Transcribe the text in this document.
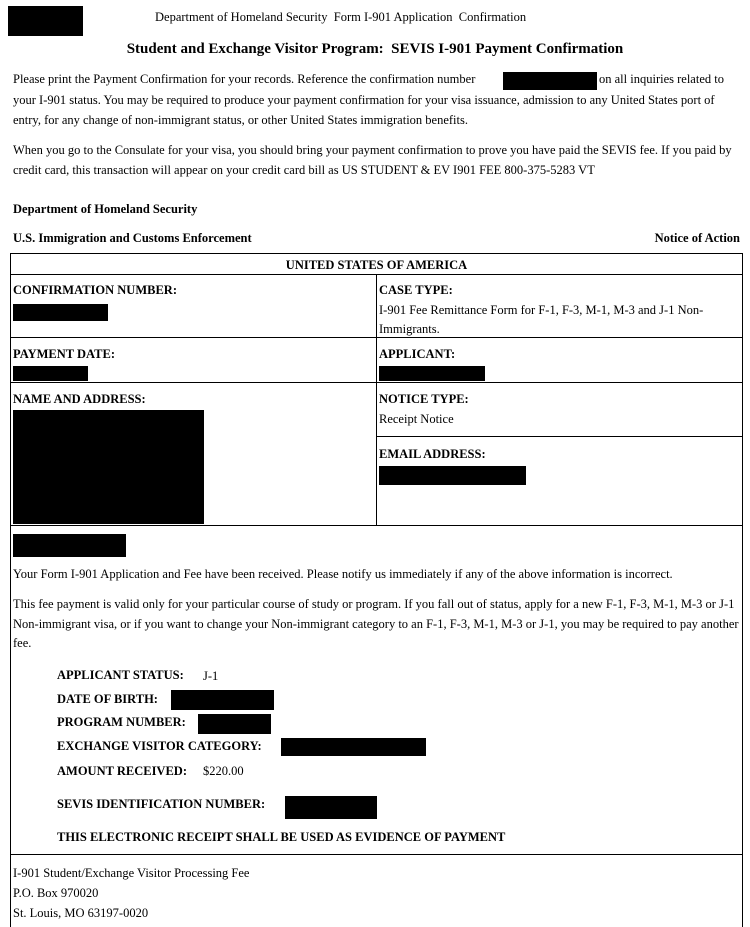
Department of Homeland Security  Form I-901 Application  Confirmation
Student and Exchange Visitor Program:  SEVIS I-901 Payment Confirmation
Please print the Payment Confirmation for your records. Reference the confirmation number	on all inquiries related to
your I-901 status. You may be required to produce your payment confirmation for your visa issuance, admission to any United States port of entry, for any change of non-immigrant status, or other United States immigration benefits.
When you go to the Consulate for your visa, you should bring your payment confirmation to prove you have paid the SEVIS fee. If you paid by credit card, this transaction will appear on your credit card bill as US STUDENT & EV I901 FEE 800-375-5283 VT
Department of Homeland Security
U.S. Immigration and Customs Enforcement	Notice of Action
UNITED STATES OF AMERICA
CONFIRMATION NUMBER:	CASE TYPE:
I-901 Fee Remittance Form for F-1, F-3, M-1, M-3 and J-1 Non-Immigrants.
PAYMENT DATE:	APPLICANT:
NAME AND ADDRESS:	NOTICE TYPE:
Receipt Notice
EMAIL ADDRESS:
Your Form I-901 Application and Fee have been received. Please notify us immediately if any of the above information is incorrect.
This fee payment is valid only for your particular course of study or program. If you fall out of status, apply for a new F-1, F-3, M-1, M-3 or J-1 Non-immigrant visa, or if you want to change your Non-immigrant category to an F-1, F-3, M-1, M-3 or J-1, you may be required to pay another fee.
APPLICANT STATUS: J-1
DATE OF BIRTH:
PROGRAM NUMBER:
EXCHANGE VISITOR CATEGORY:
AMOUNT RECEIVED: $220.00
SEVIS IDENTIFICATION NUMBER:
THIS ELECTRONIC RECEIPT SHALL BE USED AS EVIDENCE OF PAYMENT
I-901 Student/Exchange Visitor Processing Fee
P.O. Box 970020
St. Louis, MO 63197-0020
